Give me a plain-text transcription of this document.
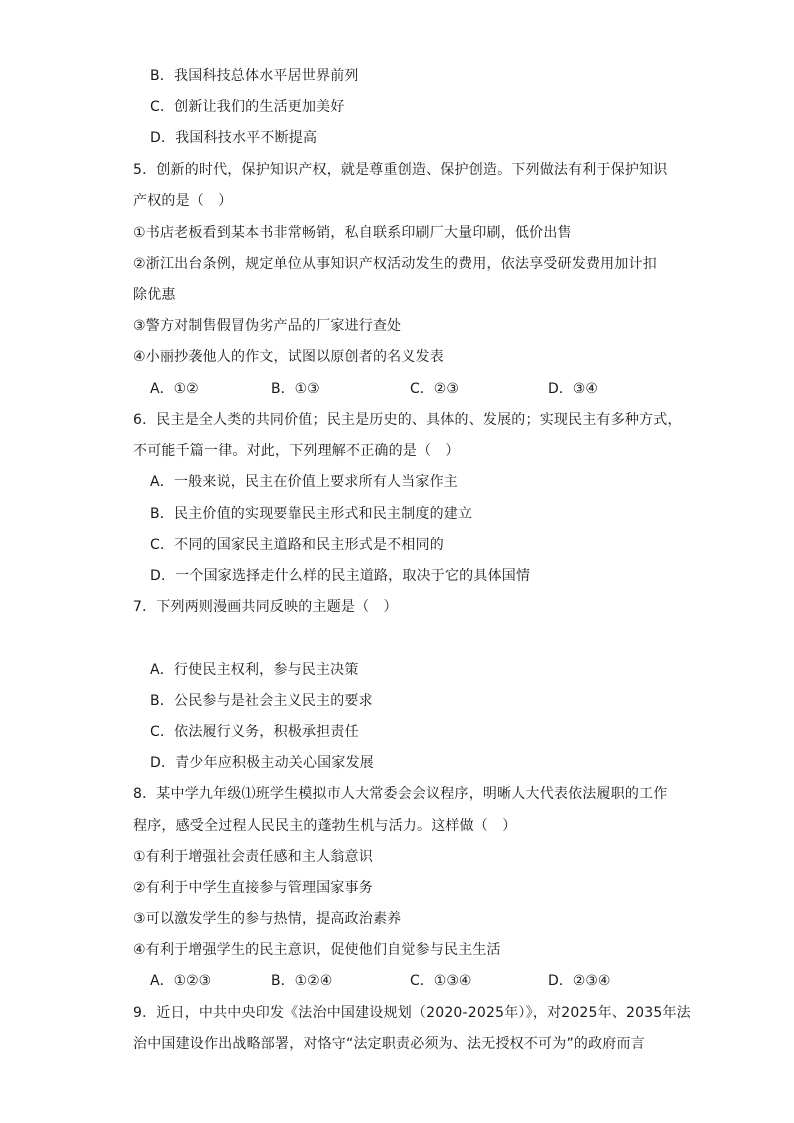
B．我国科技总体水平居世界前列
C．创新让我们的生活更加美好
D．我国科技水平不断提高
5．创新的时代，保护知识产权，就是尊重创造、保护创造。下列做法有利于保护知识
产权的是（　）
①书店老板看到某本书非常畅销，私自联系印刷厂大量印刷，低价出售
②浙江出台条例，规定单位从事知识产权活动发生的费用，依法享受研发费用加计扣
除优惠
③警方对制售假冒伪劣产品的厂家进行查处
④小丽抄袭他人的作文，试图以原创者的名义发表
A．①②	B．①③	C．②③	D．③④
6．民主是全人类的共同价值；民主是历史的、具体的、发展的；实现民主有多种方式，
不可能千篇一律。对此，下列理解不正确的是（　）
A．一般来说，民主在价值上要求所有人当家作主
B．民主价值的实现要靠民主形式和民主制度的建立
C．不同的国家民主道路和民主形式是不相同的
D．一个国家选择走什么样的民主道路，取决于它的具体国情
7．下列两则漫画共同反映的主题是（　）
A．行使民主权利，参与民主决策
B．公民参与是社会主义民主的要求
C．依法履行义务，积极承担责任
D．青少年应积极主动关心国家发展
8．某中学九年级⑴班学生模拟市人大常委会会议程序，明晰人大代表依法履职的工作
程序，感受全过程人民民主的蓬勃生机与活力。这样做（　）
①有利于增强社会责任感和主人翁意识
②有利于中学生直接参与管理国家事务
③可以激发学生的参与热情，提高政治素养
④有利于增强学生的民主意识，促使他们自觉参与民主生活
A．①②③	B．①②④	C．①③④	D．②③④
9．近日，中共中央印发《法治中国建设规划（2020-2025年）》，对2025年、2035年法
治中国建设作出战略部署，对恪守“法定职责必须为、法无授权不可为”的政府而言
